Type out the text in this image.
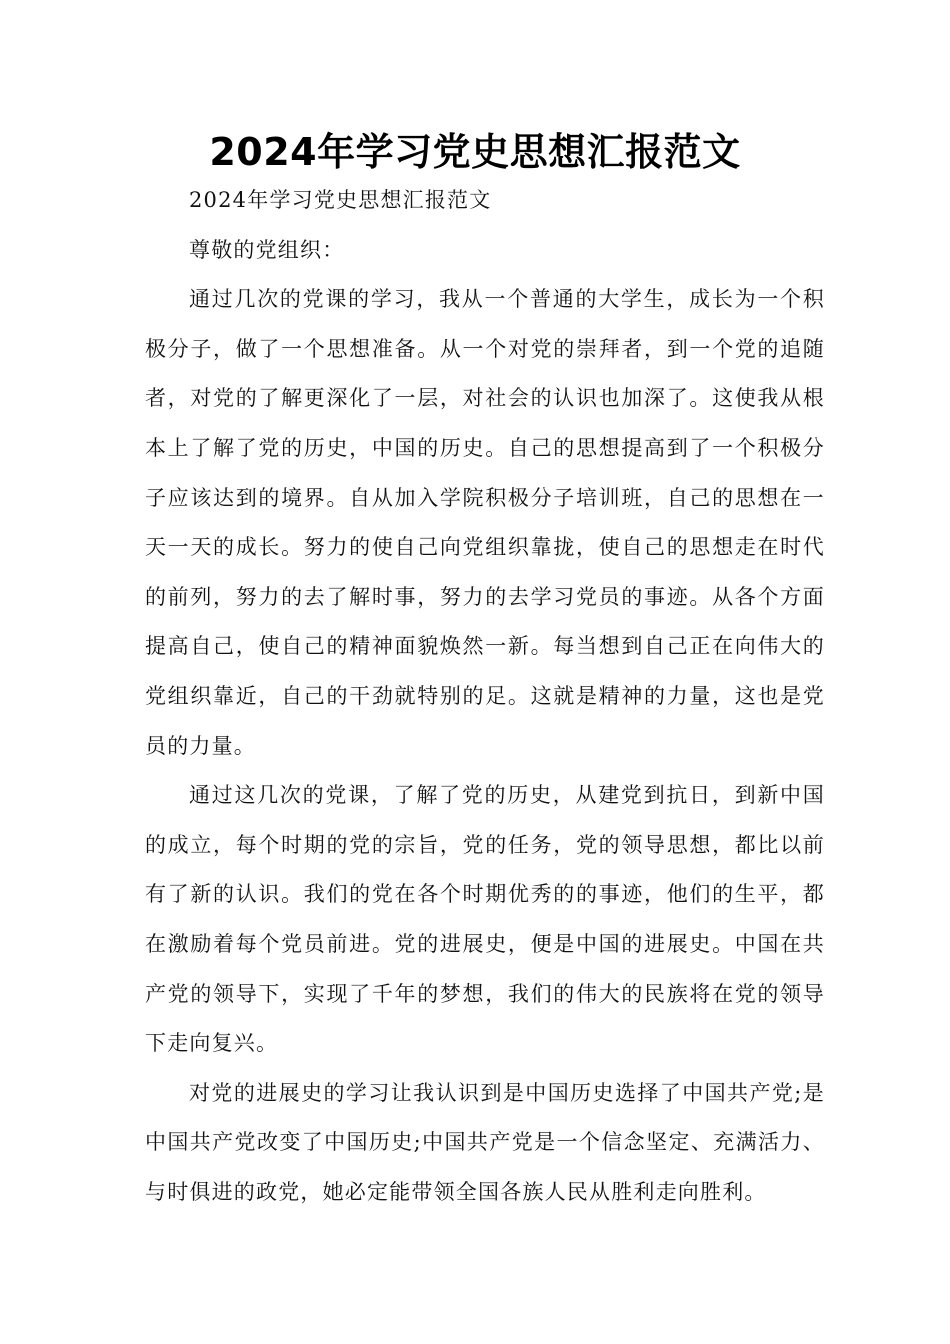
2024年学习党史思想汇报范文

2024年学习党史思想汇报范文

尊敬的党组织：

通过几次的党课的学习，我从一个普通的大学生，成长为一个积极分子，做了一个思想准备。从一个对党的崇拜者，到一个党的追随者，对党的了解更深化了一层，对社会的认识也加深了。这使我从根本上了解了党的历史，中国的历史。自己的思想提高到了一个积极分子应该达到的境界。自从加入学院积极分子培训班，自己的思想在一天一天的成长。努力的使自己向党组织靠拢，使自己的思想走在时代的前列，努力的去了解时事，努力的去学习党员的事迹。从各个方面提高自己，使自己的精神面貌焕然一新。每当想到自己正在向伟大的党组织靠近，自己的干劲就特别的足。这就是精神的力量，这也是党员的力量。

通过这几次的党课，了解了党的历史，从建党到抗日，到新中国的成立，每个时期的党的宗旨，党的任务，党的领导思想，都比以前有了新的认识。我们的党在各个时期优秀的的事迹，他们的生平，都在激励着每个党员前进。党的进展史，便是中国的进展史。中国在共产党的领导下，实现了千年的梦想，我们的伟大的民族将在党的领导下走向复兴。

对党的进展史的学习让我认识到是中国历史选择了中国共产党;是中国共产党改变了中国历史;中国共产党是一个信念坚定、充满活力、与时俱进的政党，她必定能带领全国各族人民从胜利走向胜利。
